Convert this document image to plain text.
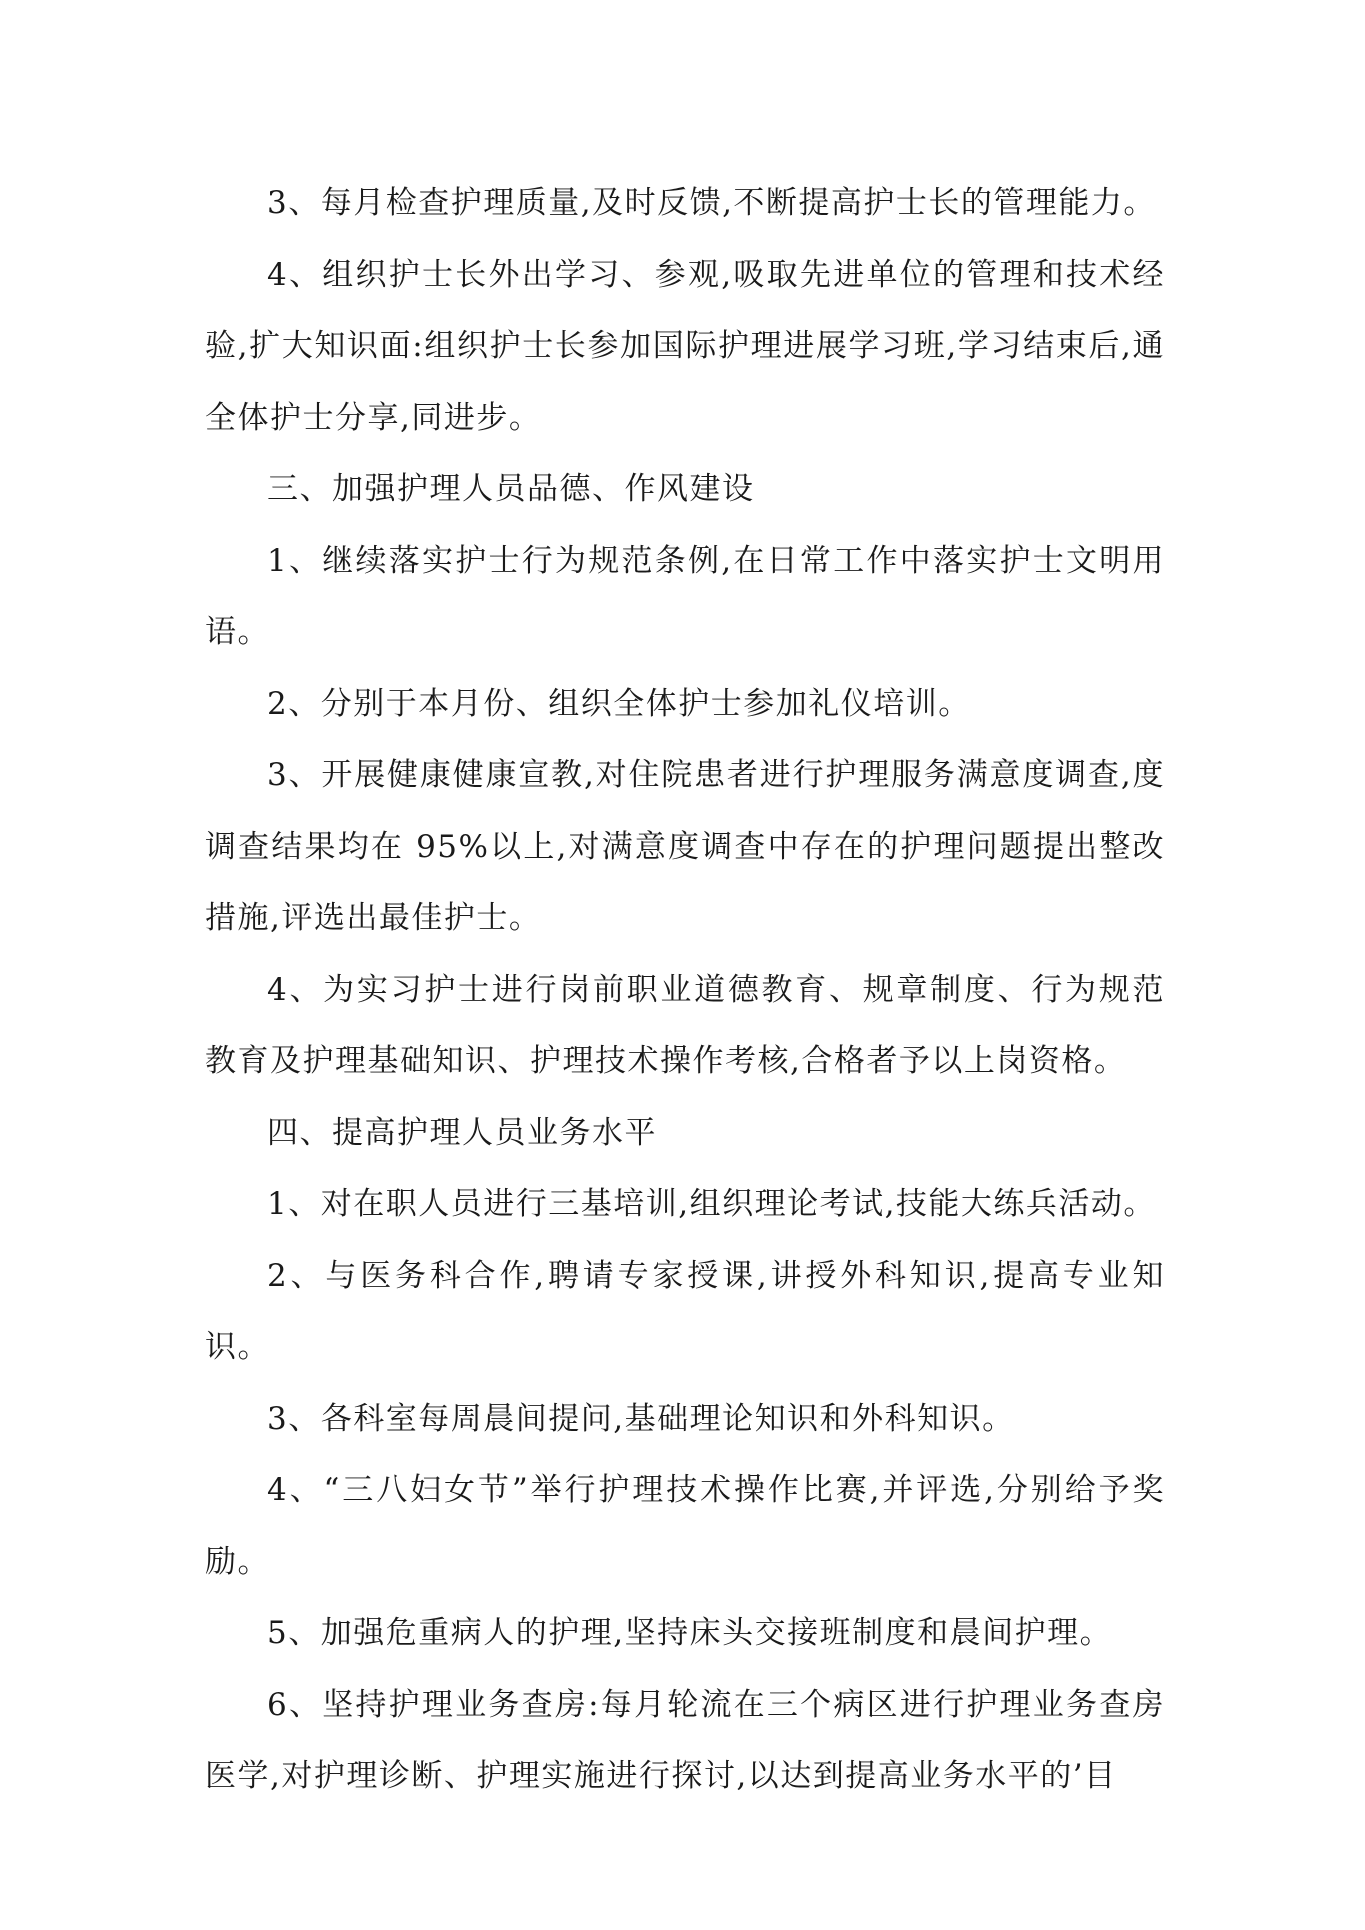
3、每月检查护理质量,及时反馈,不断提高护士长的管理能力。

4、组织护士长外出学习、参观,吸取先进单位的管理和技术经验,扩大知识面:组织护士长参加国际护理进展学习班,学习结束后,通全体护士分享,同进步。

三、加强护理人员品德、作风建设

1、继续落实护士行为规范条例,在日常工作中落实护士文明用语。

2、分别于本月份、组织全体护士参加礼仪培训。

3、开展健康健康宣教,对住院患者进行护理服务满意度调查,度调查结果均在 95%以上,对满意度调查中存在的护理问题提出整改措施,评选出最佳护士。

4、为实习护士进行岗前职业道德教育、规章制度、行为规范教育及护理基础知识、护理技术操作考核,合格者予以上岗资格。

四、提高护理人员业务水平

1、对在职人员进行三基培训,组织理论考试,技能大练兵活动。

2、与医务科合作,聘请专家授课,讲授外科知识,提高专业知识。

3、各科室每周晨间提问,基础理论知识和外科知识。

4、“三八妇女节”举行护理技术操作比赛,并评选,分别给予奖励。

5、加强危重病人的护理,坚持床头交接班制度和晨间护理。

6、坚持护理业务查房:每月轮流在三个病区进行护理业务查房医学,对护理诊断、护理实施进行探讨,以达到提高业务水平的’目
